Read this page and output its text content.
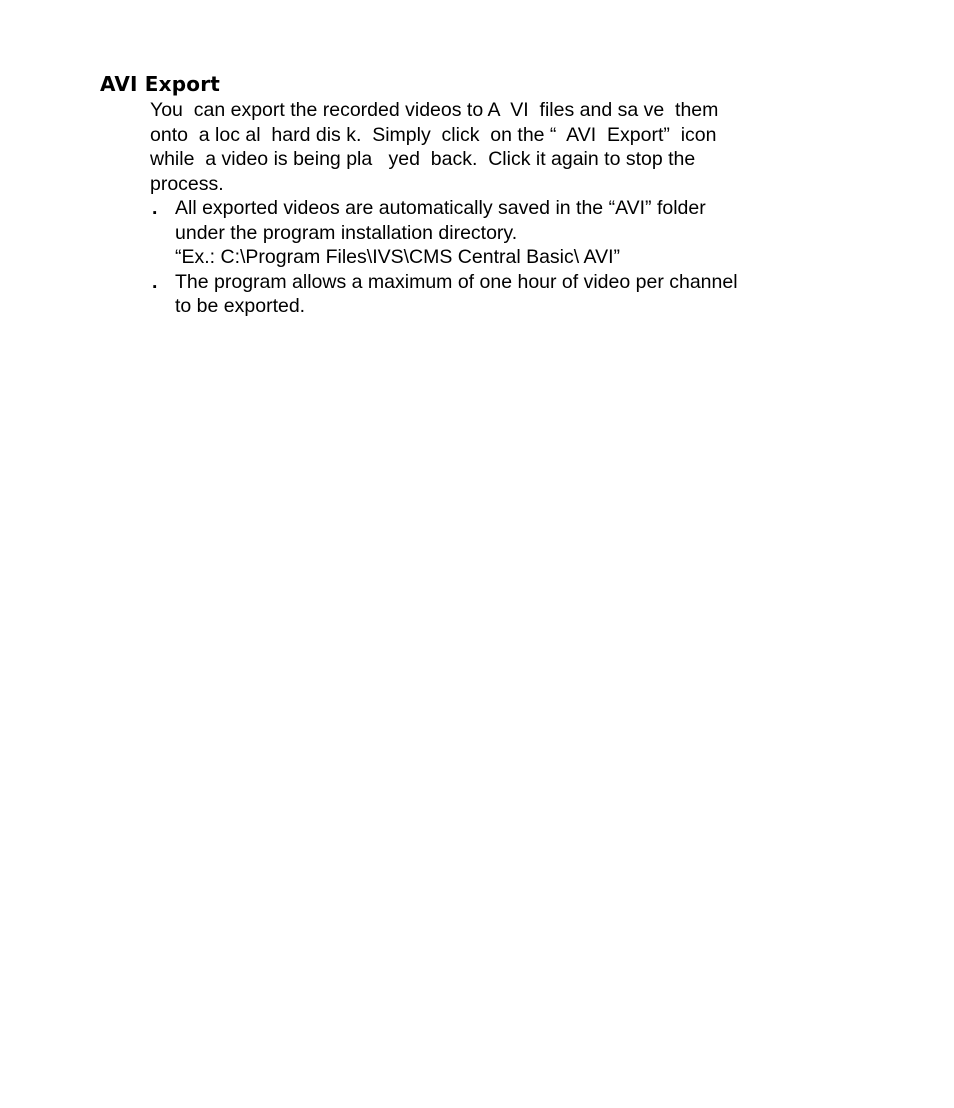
AVI Export

You  can export the recorded videos to A  VI  files and sa ve  them
onto  a loc al  hard dis k.  Simply  click  on the “  AVI  Export”  icon
while  a video is being pla   yed  back.  Click it again to stop the
process.

. All exported videos are automatically saved in the “AVI” folder
under the program installation directory.
“Ex.: C:\Program Files\IVS\CMS Central Basic\ AVI”
. The program allows a maximum of one hour of video per channel
to be exported.
